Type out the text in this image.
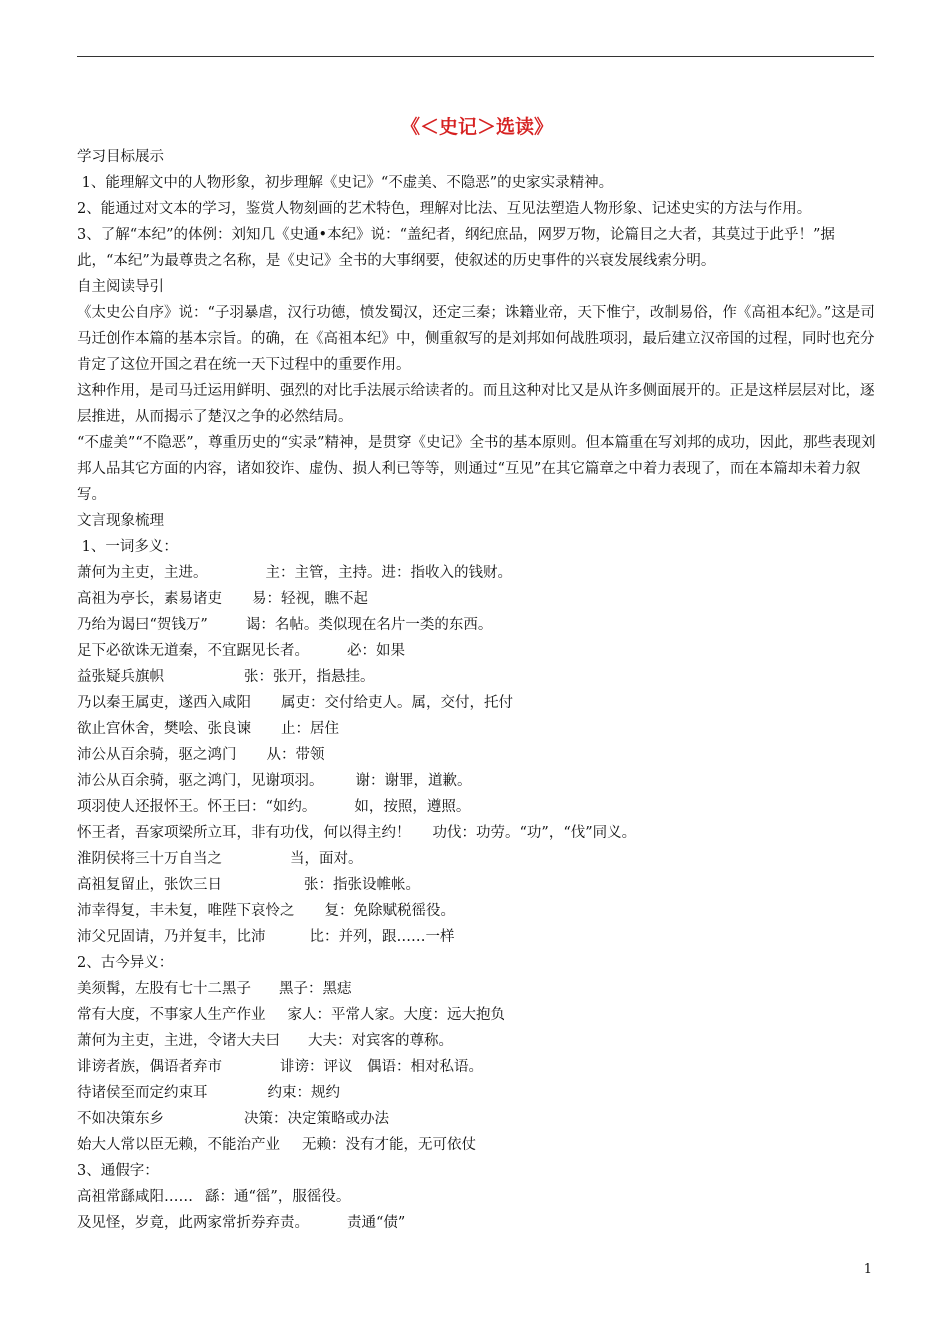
《＜史记＞选读》
学习目标展示
1、能理解文中的人物形象，初步理解《史记》“不虚美、不隐恶”的史家实录精神。
2、能通过对文本的学习，鉴赏人物刻画的艺术特色，理解对比法、互见法塑造人物形象、记述史实的方法与作用。
3、了解“本纪”的体例：刘知几《史通•本纪》说：“盖纪者，纲纪庶品，网罗万物，论篇目之大者，其莫过于此乎！”据此，“本纪”为最尊贵之名称，是《史记》全书的大事纲要，使叙述的历史事件的兴衰发展线索分明。
自主阅读导引
《太史公自序》说：“子羽暴虐，汉行功德，愤发蜀汉，还定三秦；诛籍业帝，天下惟宁，改制易俗，作《高祖本纪》。”这是司马迁创作本篇的基本宗旨。的确，在《高祖本纪》中，侧重叙写的是刘邦如何战胜项羽，最后建立汉帝国的过程，同时也充分肯定了这位开国之君在统一天下过程中的重要作用。
这种作用，是司马迁运用鲜明、强烈的对比手法展示给读者的。而且这种对比又是从许多侧面展开的。正是这样层层对比，逐层推进，从而揭示了楚汉之争的必然结局。
“不虚美”“不隐恶”，尊重历史的“实录”精神，是贯穿《史记》全书的基本原则。但本篇重在写刘邦的成功，因此，那些表现刘邦人品其它方面的内容，诸如狡诈、虚伪、损人利已等等，则通过“互见”在其它篇章之中着力表现了，而在本篇却未着力叙写。
文言现象梳理
1、一词多义：
萧何为主吏，主进。	主：主管，主持。进：指收入的钱财。
高祖为亭长，素易诸吏 易：轻视，瞧不起
乃绐为谒曰“贺钱万”	谒：名帖。类似现在名片一类的东西。
足下必欲诛无道秦，不宜踞见长者。	必：如果
益张疑兵旗帜	张：张开，指悬挂。
乃以秦王属吏，遂西入咸阳 属吏：交付给吏人。属，交付，托付
欲止宫休舍，樊哙、张良谏 止：居住
沛公从百余骑，驱之鸿门 从：带领
沛公从百余骑，驱之鸿门，见谢项羽。 谢：谢罪，道歉。
项羽使人还报怀王。怀王曰：“如约。	如，按照，遵照。
怀王者，吾家项梁所立耳，非有功伐，何以得主约！ 功伐：功劳。“功”，“伐”同义。
淮阴侯将三十万自当之	当，面对。
高祖复留止，张饮三日	张：指张设帷帐。
沛幸得复，丰未复，唯陛下哀怜之 复：免除赋税徭役。
沛父兄固请，乃并复丰，比沛	比：并列，跟……一样
2、古今异义：
美须髯，左股有七十二黑子 黑子：黑痣
常有大度，不事家人生产作业 家人：平常人家。大度：远大抱负
萧何为主吏，主进，令诸大夫曰 大夫：对宾客的尊称。
诽谤者族，偶语者弃市	诽谤：评议　偶语：相对私语。
待诸侯至而定约束耳	约束：规约
不如决策东乡	决策：决定策略或办法
始大人常以臣无赖，不能治产业 无赖：没有才能，无可依仗
3、通假字：
高祖常繇咸阳…… 繇：通“徭”，服徭役。
及见怪，岁竟，此两家常折券弃责。	责通“债”
1
